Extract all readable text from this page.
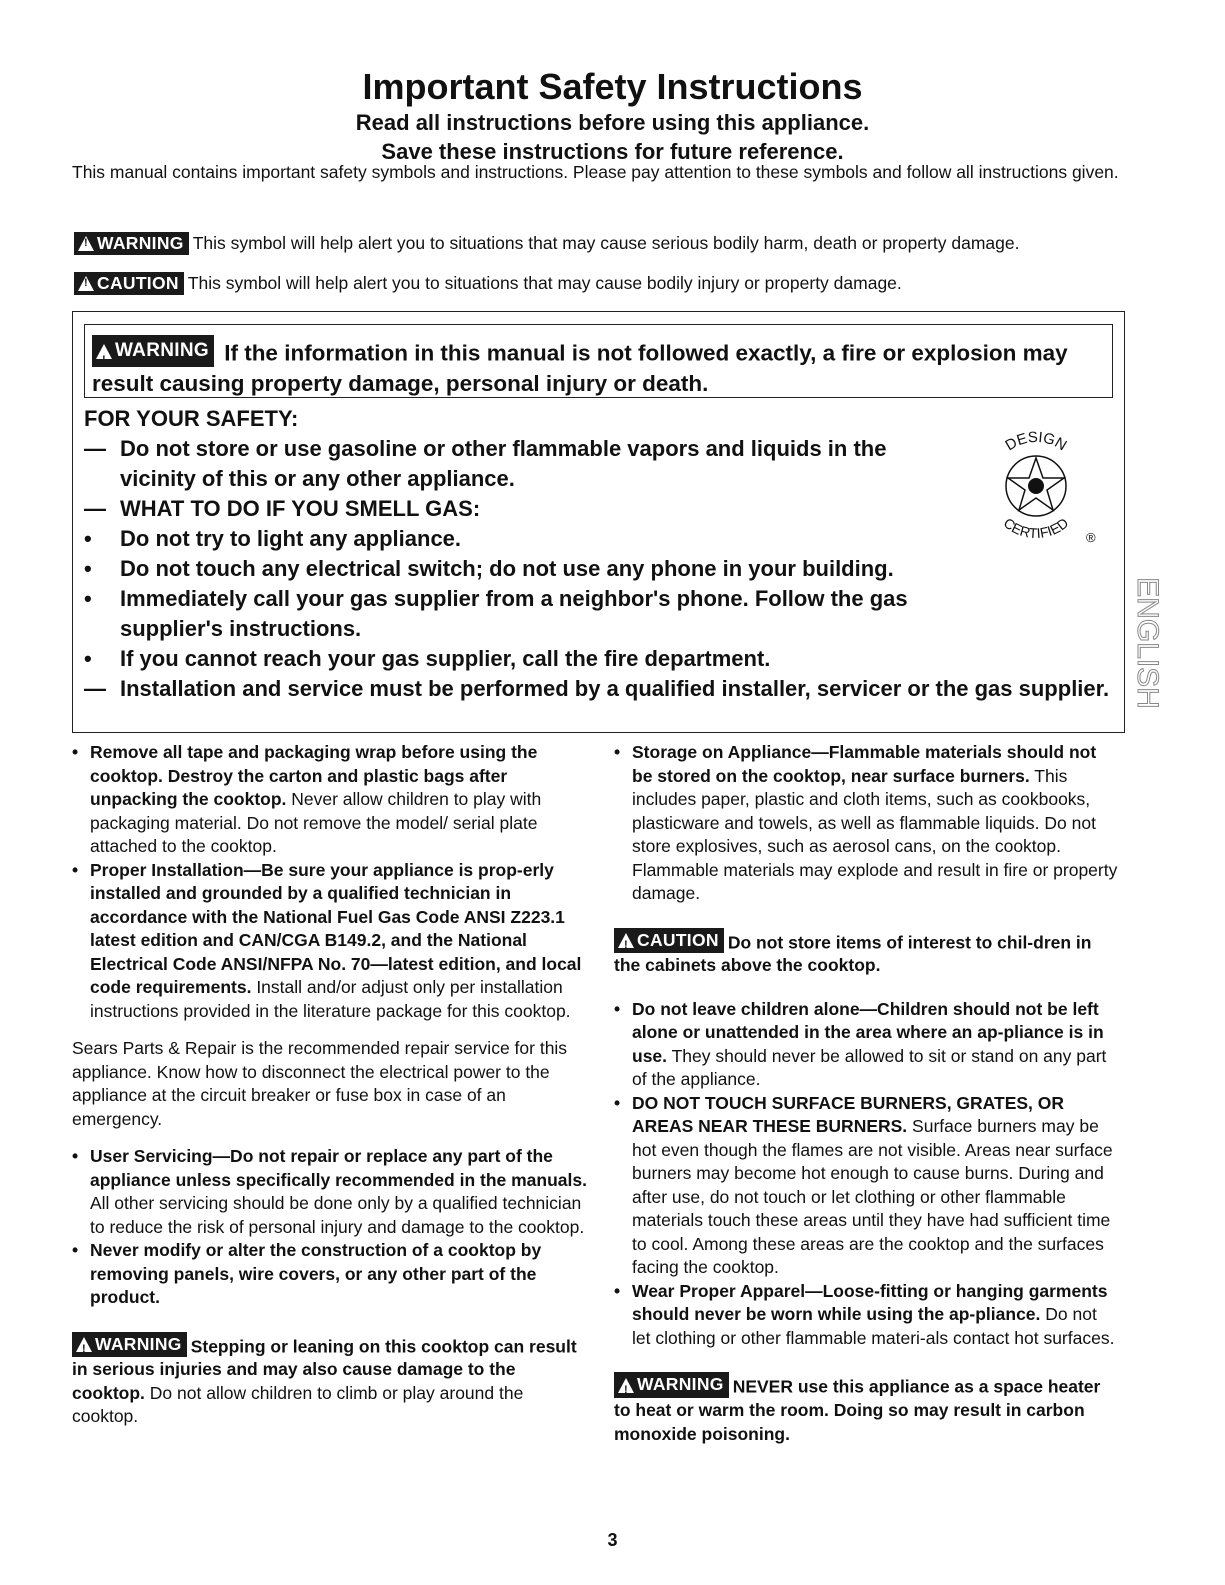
Important Safety Instructions
Read all instructions before using this appliance.
Save these instructions for future reference.
This manual contains important safety symbols and instructions. Please pay attention to these symbols and follow all instructions given.
!
WARNING This symbol will help alert you to situations that may cause serious bodily harm, death or property damage.
!
CAUTION This symbol will help alert you to situations that may cause bodily injury or property damage.
!
WARNING If the information in this manual is not followed exactly, a fire or explosion may result causing property damage, personal injury or death.
FOR YOUR SAFETY:
— Do not store or use gasoline or other flammable vapors and liquids in the vicinity of this or any other appliance.
— WHAT TO DO IF YOU SMELL GAS:
•	Do not try to light any appliance.
•	Do not touch any electrical switch; do not use any phone in your building.
•	Immediately call your gas supplier from a neighbor's phone. Follow the gas supplier's instructions.
•	If you cannot reach your gas supplier, call the fire department.
— Installation and service must be performed by a qualified installer, servicer or the gas supplier.
DESIGN
CERTIFIED
®
ENGLISH
• Remove all tape and packaging wrap before using the cooktop. Destroy the carton and plastic bags after unpacking the cooktop. Never allow children to play with packaging material. Do not remove the model/ serial plate attached to the cooktop.
• Proper Installation—Be sure your appliance is prop-erly installed and grounded by a qualified technician in accordance with the National Fuel Gas Code ANSI Z223.1 latest edition and CAN/CGA B149.2, and the National Electrical Code ANSI/NFPA No. 70—latest edition, and local code requirements. Install and/or adjust only per installation instructions provided in the literature package for this cooktop.

Sears Parts & Repair is the recommended repair service for this appliance. Know how to disconnect the electrical power to the appliance at the circuit breaker or fuse box in case of an emergency.

• User Servicing—Do not repair or replace any part of the appliance unless specifically recommended in the manuals. All other servicing should be done only by a qualified technician to reduce the risk of personal injury and damage to the cooktop.
• Never modify or alter the construction of a cooktop by removing panels, wire covers, or any other part of the product.
!
WARNING Stepping or leaning on this cooktop can result in serious injuries and may also cause damage to the cooktop. Do not allow children to climb or play around the cooktop.
• Storage on Appliance—Flammable materials should not be stored on the cooktop, near surface burners. This includes paper, plastic and cloth items, such as cookbooks, plasticware and towels, as well as flammable liquids. Do not store explosives, such as aerosol cans, on the cooktop. Flammable materials may explode and result in fire or property damage.
!
CAUTION Do not store items of interest to chil-dren in the cabinets above the cooktop.
• Do not leave children alone—Children should not be left alone or unattended in the area where an ap-pliance is in use. They should never be allowed to sit or stand on any part of the appliance.
• DO NOT TOUCH SURFACE BURNERS, GRATES, OR AREAS NEAR THESE BURNERS. Surface burners may be hot even though the flames are not visible. Areas near surface burners may become hot enough to cause burns. During and after use, do not touch or let clothing or other flammable materials touch these areas until they have had sufficient time to cool. Among these areas are the cooktop and the surfaces facing the cooktop.
• Wear Proper Apparel—Loose-fitting or hanging garments should never be worn while using the ap-pliance. Do not let clothing or other flammable materi-als contact hot surfaces.
!
WARNING NEVER use this appliance as a space heater to heat or warm the room. Doing so may result in carbon monoxide poisoning.
3
